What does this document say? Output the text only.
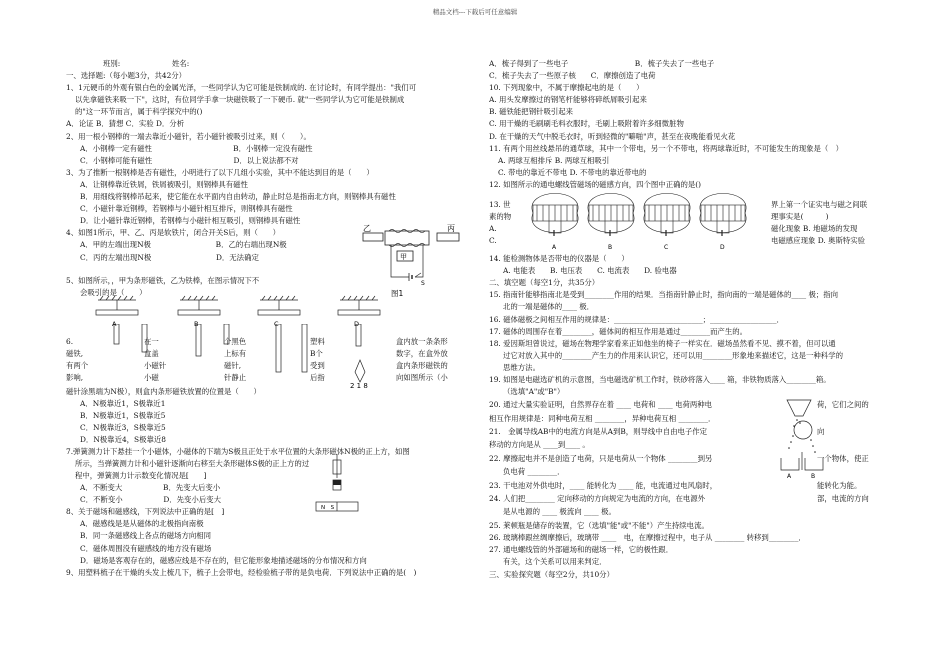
精品文档---下载后可任意编辑
　　　　　班別:　　　　　　　姓名:
一、选择题:（每小题3分，共42分）
1、1元硬币的外观有银白色的金属光泽，一些同学认为它可能是铁制成的. 在讨论时，有同学提出："我们可
以先拿磁铁来吸一下"，这时，有位同学手拿一块磁铁吸了一下硬币. 就"一些同学认为它可能是铁制成
的"这一环节而言，属于科学探究中的()
A．论证 B．猜想 C．实验 D．分析
2、用一根小钢棒的一端去靠近小磁针，若小磁针被吸引过来，则（　　）。
A．小钢棒一定有磁性　　　　　　　　　　　B．小钢棒一定没有磁性
C．小钢棒可能有磁性　　　　　　　　　　　D．以上说法都不对
3、为了推断一根钢棒是否有磁性，小明进行了以下几组小实验，其中不能达到目的是（　　）
A．让钢棒靠近铁屑，铁屑被吸引，则钢棒具有磁性
B．用细线将钢棒吊起来，使它能在水平面内自由转动，静止时总是指南北方向，则钢棒具有磁性
C．小磁针靠近钢棒，若钢棒与小磁针相互排斥，则钢棒具有磁性
D．让小磁针靠近钢棒，若钢棒与小磁针相互吸引，则钢棒具有磁性
4、如图1所示，甲、乙、丙是软铁片，闭合开关S后，则（　　）
A．甲的左端出现N极	B．乙的右端出现N极
C．丙的左端出现N极	D．无法确定
乙
甲
丙
图1
S
5、如图所示，，甲为条形磁铁，乙为铁棒，在图示情况下不
会吸引的是（　　）
A	B	C	D
6.
磁铁,
有两个
影响,
在一
盒盖
小磁针
小磁
个黑色
上标有
磁针,
针静止
塑料
B个
受到
后指
盒内放一条条形
数字，在盒外放
盒内条形磁铁的
向如图所示（小
2 1 8
磁针涂黑端为N极），则盒内条形磁铁放置的位置是（　　）
A．N极靠近1，S极靠近1
B．N极靠近1，S极靠近5
C．N极靠近3，S极靠近5
D．N极靠近4，S极靠近8
7.弹簧测力计下悬挂一个小磁体，小磁体的下端为S极且正处于水平位置的大条形磁体N极的正上方，如图
所示，当弹簧测力计和小磁针逐渐向右移至大条形磁体S极的正上方的过
程中，弹簧测力计示数变化情况是[　　]
A．不断变大	B．先变大后变小
C．不断变小	D．先变小后变大
N　S
8、关于磁场和磁感线，下列说法中正确的是[　]
A．磁感线是是从磁体的北极指向南极
B．同一条磁感线上各点的磁场方向相同
C．磁体周围没有磁感线的地方没有磁场
D．磁场是客观存在的，磁感应线是不存在的，但它能形象地描述磁场的分布情况和方向
9、用塑料梳子在干燥的头发上梳几下，梳子上会带电，经检验梳子带的是负电荷．下列说法中正确的是(　)
A．梳子得到了一些电子　　　　　　　　　B．梳子失去了一些电子
C．梳子失去了一些原子核　　C．摩擦创造了电荷
10. 下列现象中，不属于摩擦起电的是（　　）
A. 用头发摩擦过的钢笔杆能够将碎纸屑吸引起来
B. 磁铁能把钢针吸引起来
C. 用干燥的毛刷刷毛料衣服时，毛刷上吸附着许多细微脏物
D. 在干燥的天气中脱毛衣时，听到轻微的"噼啪"声，甚至在夜晚能看见火花
11. 有两个用丝线悬吊的通草球，其中一个带电，另一个不带电，将两球靠近时，不可能发生的现象是（　）
A. 两球互相排斥 B. 两球互相吸引
C. 带电的靠近不带电 D. 不带电的靠近带电的
12. 如图所示的通电螺线管磁场的磁感方向，四个图中正确的是()
13. 世
素的物
A.
C.
A	B	C	D
界上第一个证实电与磁之间联
理事实是(　　　)
磁化现象 B. 地磁场的发现
电磁感应现象 D. 奥斯特实验
14. 能检测物体是否带电的仪器是（　　）
A. 电能表　　B. 电压表　　C. 电流表　　D. 验电器
二、填空题（每空1分，共35分）
15. 指南针能够指南北是受到________作用的结果．当指南针静止时，指向南的一端是磁体的____ 极；指向
北的一端是磁体的____ 极．
16. 磁体磁极之间相互作用的规律是：________________________；__________________．
17. 磁体的周围存在着________，磁体间的相互作用是通过________而产生的。
18. 爱因斯坦曾说过，磁场在物理学家看来正如他坐的椅子一样实在．磁场虽然看不见、摸不着，但可以通
过它对放入其中的________产生力的作用来认识它，还可以用________形象地来描述它，这是一种科学的
思维方法。
19. 如图是电磁选矿机的示意图，当电磁选矿机工作时，铁砂将落入____ 箱，非铁物质落入________箱。
（选填"A"或"B"）
20. 通过大量实验证明，自然界存在着 ____ 电荷和 ____ 电荷两种电
相互作用规律是：同种电荷互相 ________，异种电荷互相 ________．
21.　金属导线AB中的电流方向是从A到B，则导线中自由电子作定
移动的方向是从 ____到____ 。
22. 摩擦起电并不是创造了电荷，只是电荷从一个物体 ________到另
负电荷 ________．
23. 干电池对外供电时，____ 能转化为 ____ 能，电流通过电风扇时，
24. 人们把________ 定向移动的方向规定为电流的方向，在电源外
是从电源的 ____ 极流向 ____ 极。
荷，它们之间的
向
一个物体，使正
能转化为能。
部，电流的方向
A	B
25. 莱顿瓶是储存的装置，它（选填"能"或"不能"）产生持续电流。
26. 玻璃棒跟丝绸摩擦后，玻璃带 ____　电，在摩擦过程中，电子从 ________ 转移到________．
27. 通电螺线管的外部磁场和的磁场一样，它的极性跟．
有关，这个关系可以用来判定．
三、实验探究题（每空2分，共10分）
